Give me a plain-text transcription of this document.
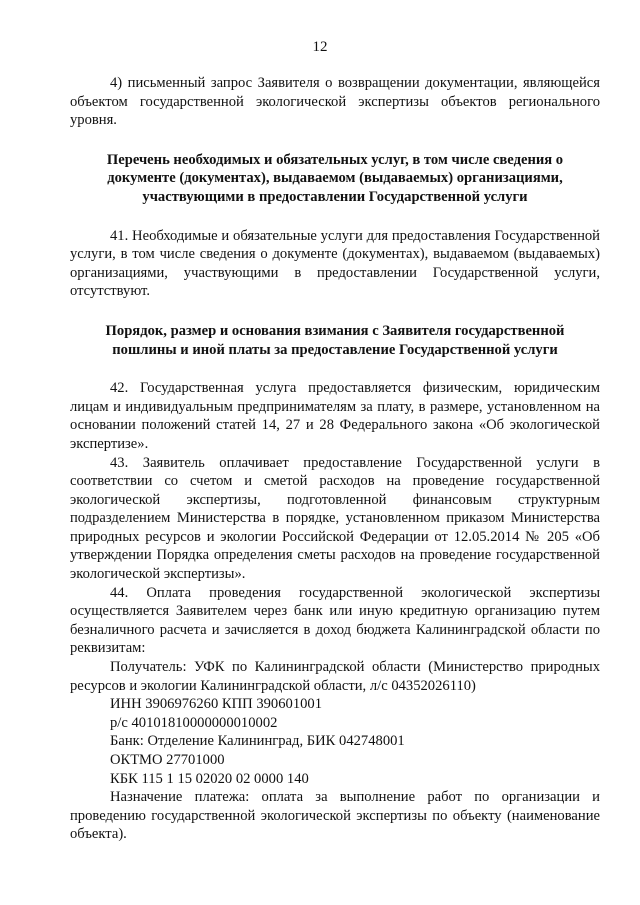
12

4) письменный запрос Заявителя о возвращении документации, являющейся объектом государственной экологической экспертизы объектов регионального уровня.

Перечень необходимых и обязательных услуг, в том числе сведения о документе (документах), выдаваемом (выдаваемых) организациями, участвующими в предоставлении Государственной услуги

41. Необходимые и обязательные услуги для предоставления Государственной услуги, в том числе сведения о документе (документах), выдаваемом (выдаваемых) организациями, участвующими в предоставлении Государственной услуги, отсутствуют.

Порядок, размер и основания взимания с Заявителя государственной пошлины и иной платы за предоставление Государственной услуги

42. Государственная услуга предоставляется физическим, юридическим лицам и индивидуальным предпринимателям за плату, в размере, установленном на основании положений статей 14, 27 и 28 Федерального закона «Об экологической экспертизе».

43. Заявитель оплачивает предоставление Государственной услуги в соответствии со счетом и сметой расходов на проведение государственной экологической экспертизы, подготовленной финансовым структурным подразделением Министерства в порядке, установленном приказом Министерства природных ресурсов и экологии Российской Федерации от 12.05.2014 № 205 «Об утверждении Порядка определения сметы расходов на проведение государственной экологической экспертизы».

44. Оплата проведения государственной экологической экспертизы осуществляется Заявителем через банк или иную кредитную организацию путем безналичного расчета и зачисляется в доход бюджета Калининградской области по реквизитам:

Получатель: УФК по Калининградской области (Министерство природных ресурсов и экологии Калининградской области, л/с 04352026110)

ИНН 3906976260 КПП 390601001

р/с 40101810000000010002

Банк: Отделение Калининград, БИК 042748001

ОКТМО 27701000

КБК 115 1 15 02020 02 0000 140

Назначение платежа: оплата за выполнение работ по организации и проведению государственной экологической экспертизы по объекту (наименование объекта).
